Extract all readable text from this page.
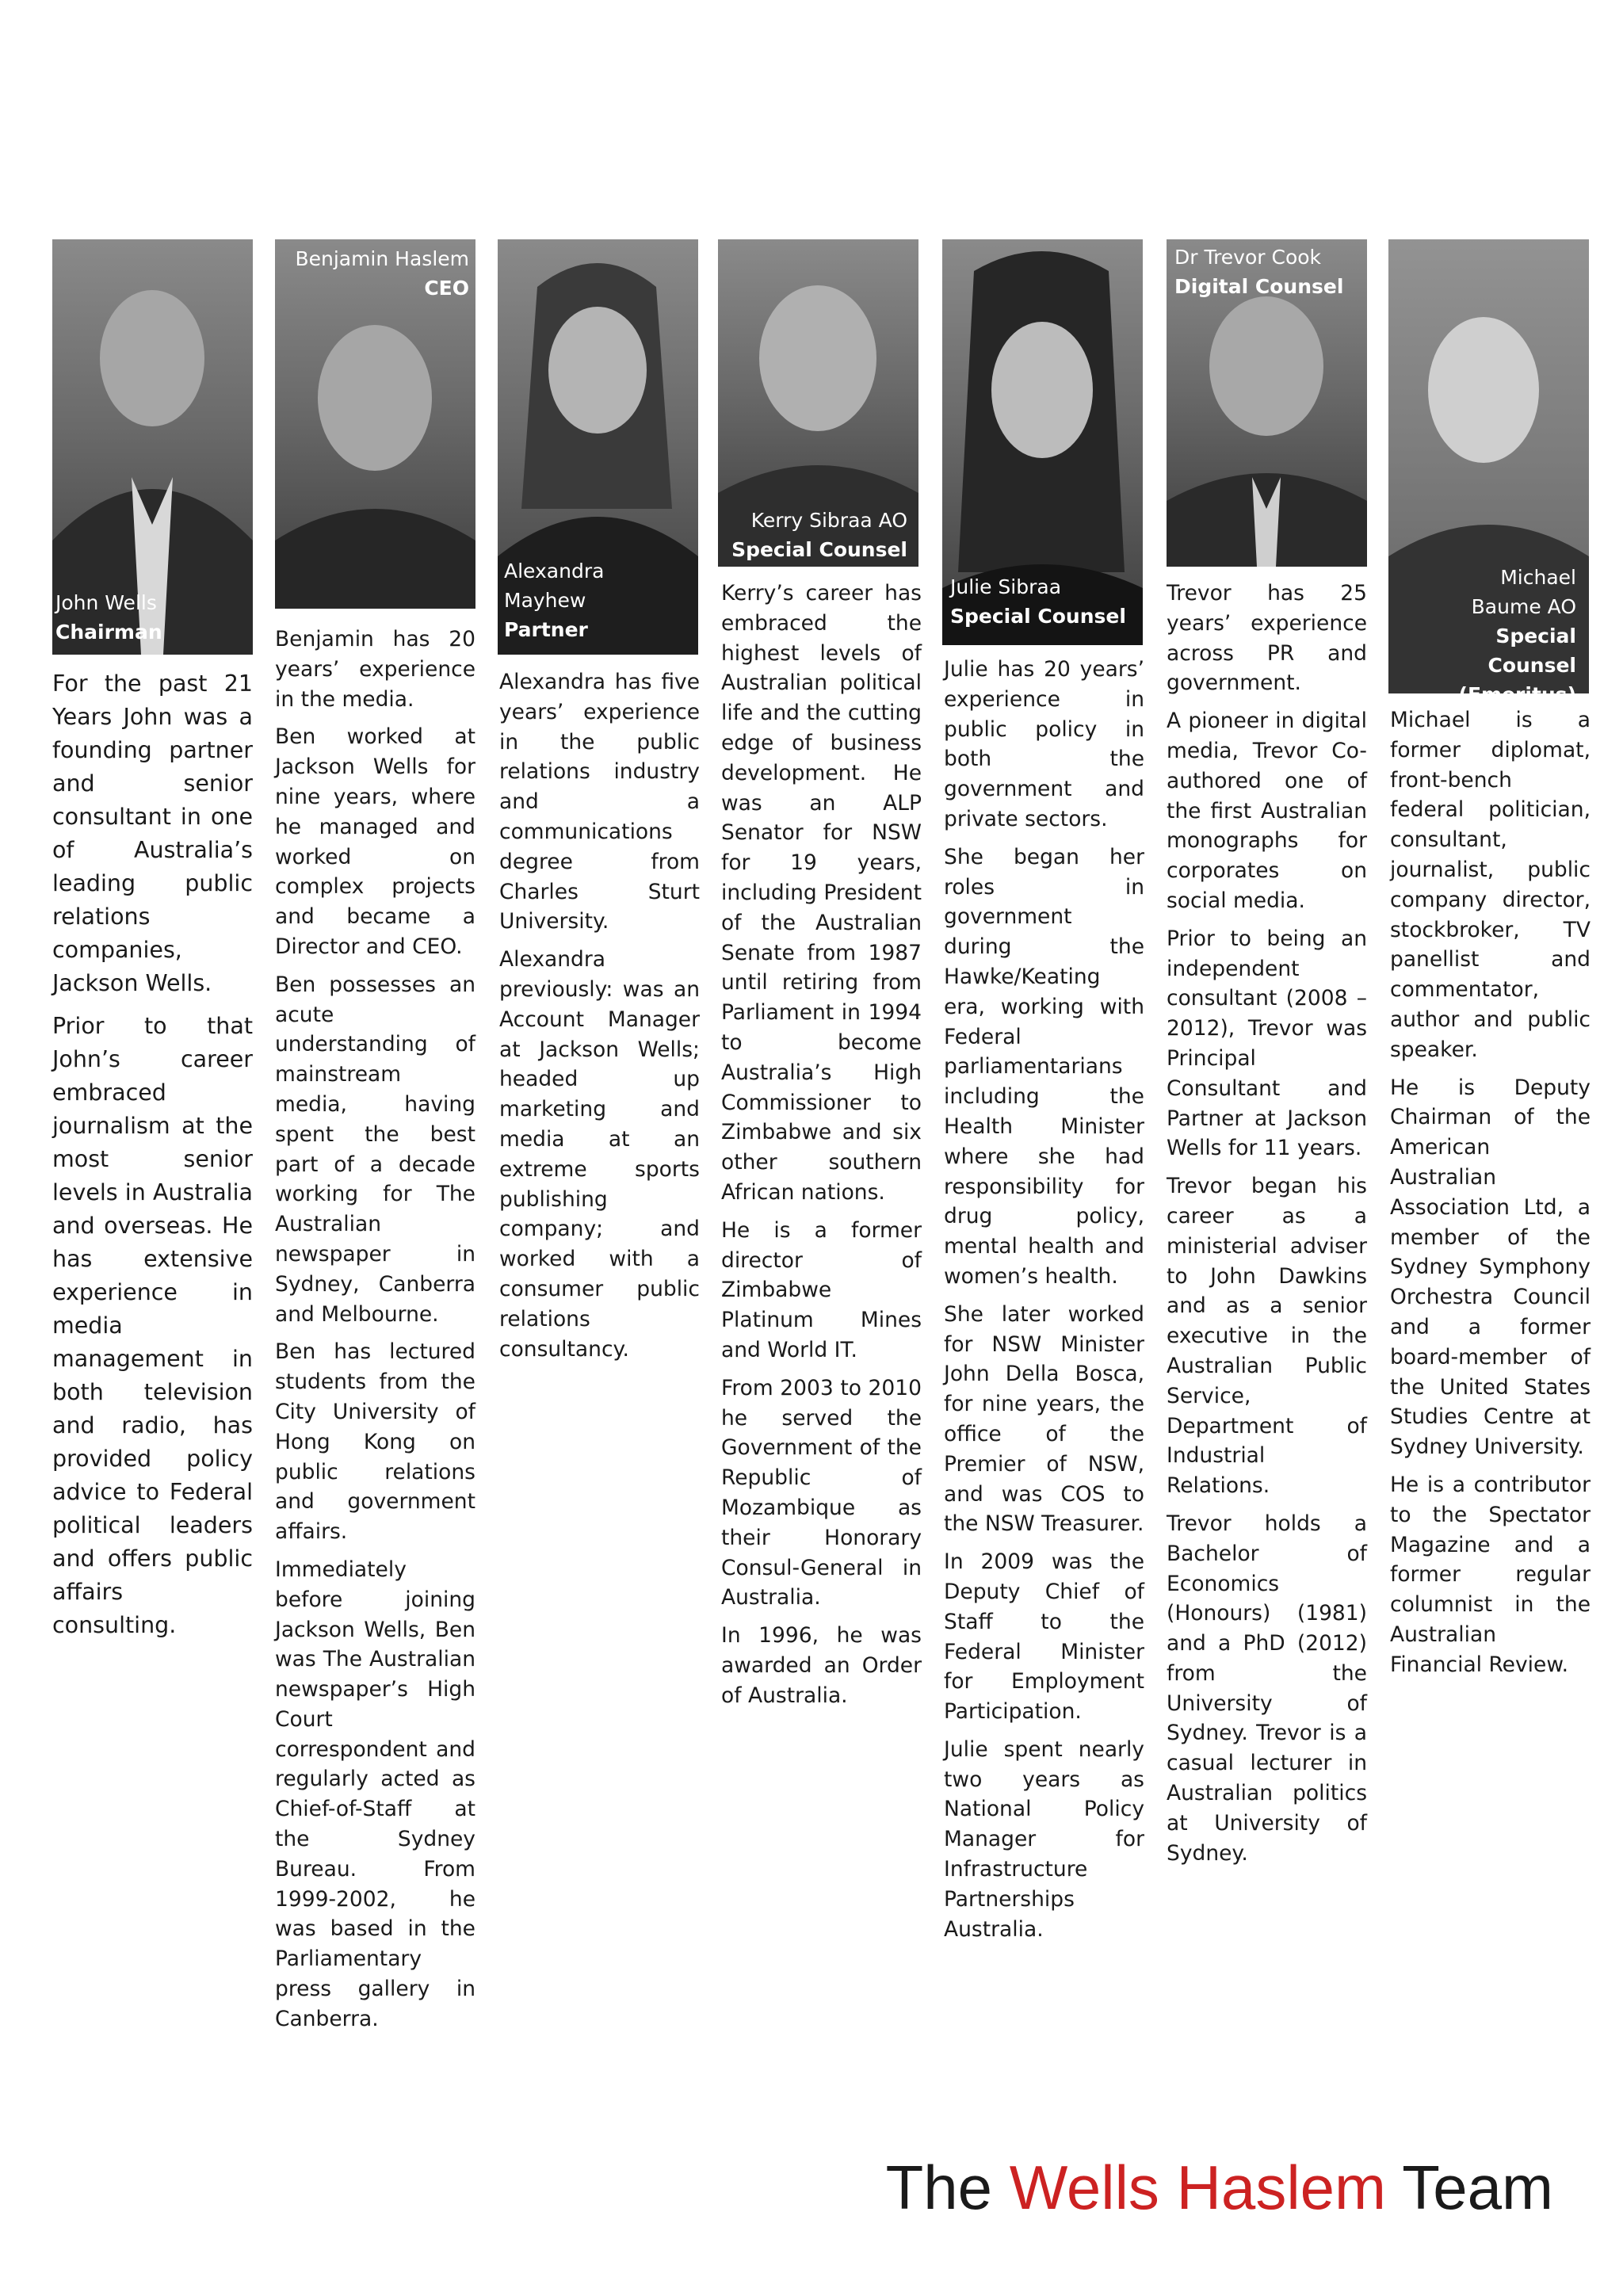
John Wells
Chairman

For the past 21 Years John was a founding partner and senior consultant in one of Australia’s leading public relations companies, Jackson Wells.

Prior to that John’s career embraced journalism at the most senior levels in Australia and overseas. He has extensive experience in media management in both television and radio, has provided policy advice to Federal political leaders and offers public affairs consulting.

Benjamin Haslem
CEO

Benjamin has 20 years’ experience in the media.

Ben worked at Jackson Wells for nine years, where he managed and worked on complex projects and became a Director and CEO.

Ben possesses an acute understanding of mainstream media, having spent the best part of a decade working for The Australian newspaper in Sydney, Canberra and Melbourne.

Ben has lectured students from the City University of Hong Kong on public relations and government affairs.

Immediately before joining Jackson Wells, Ben was The Australian newspaper’s High Court correspondent and regularly acted as Chief-of-Staff at the Sydney Bureau. From 1999-2002, he was based in the Parliamentary press gallery in Canberra.

Alexandra Mayhew
Partner

Alexandra has five years’ experience in the public relations industry and a communications degree from Charles Sturt University.

Alexandra previously: was an Account Manager at Jackson Wells; headed up marketing and media at an extreme sports publishing company; and worked with a consumer public relations consultancy.

Kerry Sibraa AO
Special Counsel

Kerry’s career has embraced the highest levels of Australian political life and the cutting edge of business development. He was an ALP Senator for NSW for 19 years, including President of the Australian Senate from 1987 until retiring from Parliament in 1994 to become Australia’s High Commissioner to Zimbabwe and six other southern African nations.

He is a former director of Zimbabwe Platinum Mines and World IT.

From 2003 to 2010 he served the Government of the Republic of Mozambique as their Honorary Consul-General in Australia.

In 1996, he was awarded an Order of Australia.

Julie Sibraa
Special Counsel

Julie has 20 years’ experience in public policy in both the government and private sectors.

She began her roles in government during the Hawke/Keating era, working with Federal parliamentarians including the Health Minister where she had responsibility for drug policy, mental health and women’s health.

She later worked for NSW Minister John Della Bosca, for nine years, the office of the Premier of NSW, and was COS to the NSW Treasurer.

In 2009 was the Deputy Chief of Staff to the Federal Minister for Employment Participation.

Julie spent nearly two years as National Policy Manager for Infrastructure Partnerships Australia.

Dr Trevor Cook
Digital Counsel

Trevor has 25 years’ experience across PR and government.

A pioneer in digital media, Trevor Co-authored one of the first Australian monographs for corporates on social media.

Prior to being an independent consultant (2008 – 2012), Trevor was Principal Consultant and Partner at Jackson Wells for 11 years.

Trevor began his career as a ministerial adviser to John Dawkins and as a senior executive in the Australian Public Service, Department of Industrial Relations.

Trevor holds a Bachelor of Economics (Honours) (1981) and a PhD (2012) from the University of Sydney. Trevor is a casual lecturer in Australian politics at University of Sydney.

Michael Baume AO
Special Counsel (Emeritus)

Michael is a former diplomat, front-bench federal politician, consultant, journalist, public company director, stockbroker, TV panellist and commentator, author and public speaker.

He is Deputy Chairman of the American Australian Association Ltd, a member of the Sydney Symphony Orchestra Council and a former board-member of the United States Studies Centre at Sydney University.

He is a contributor to the Spectator Magazine and a former regular columnist in the Australian Financial Review.

The Wells Haslem Team
